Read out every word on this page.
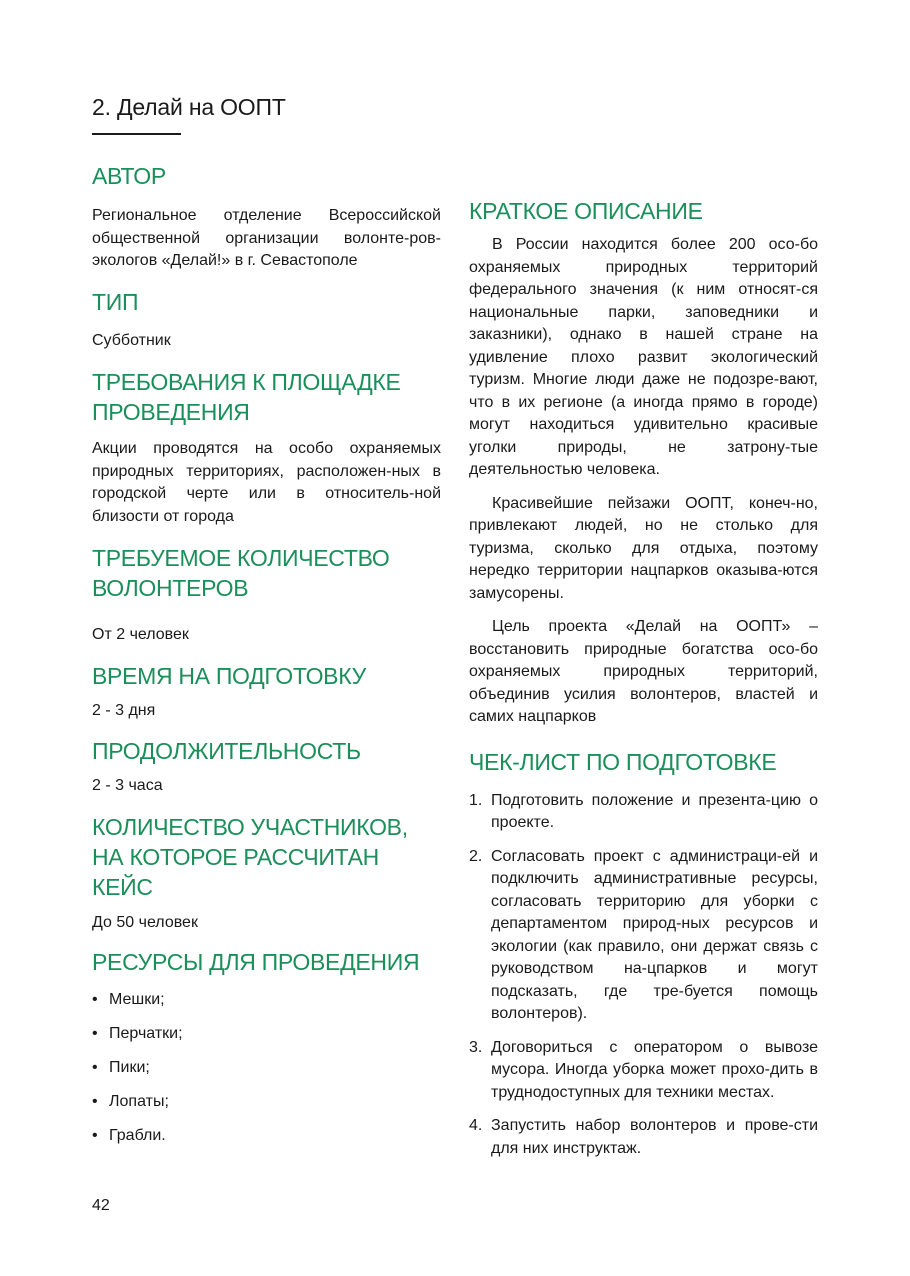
2. Делай на ООПТ
АВТОР

Региональное отделение Всероссийской общественной организации волонте-ров-экологов «Делай!» в г. Севастополе

ТИП

Субботник

ТРЕБОВАНИЯ К ПЛОЩАДКЕ ПРОВЕДЕНИЯ

Акции проводятся на особо охраняемых природных территориях, расположен-ных в городской черте или в относитель-ной близости от города

ТРЕБУЕМОЕ КОЛИЧЕСТВО ВОЛОНТЕРОВ

От 2 человек

ВРЕМЯ НА ПОДГОТОВКУ

2 - 3 дня

ПРОДОЛЖИТЕЛЬНОСТЬ

2 - 3 часа

КОЛИЧЕСТВО УЧАСТНИКОВ, НА КОТОРОЕ РАССЧИТАН КЕЙС

До 50 человек

РЕСУРСЫ ДЛЯ ПРОВЕДЕНИЯ
• Мешки;
• Перчатки;
• Пики;
• Лопаты;
• Грабли.
КРАТКОЕ ОПИСАНИЕ

В России находится более 200 осо-бо охраняемых природных территорий федерального значения (к ним относят-ся национальные парки, заповедники и заказники), однако в нашей стране на удивление плохо развит экологический туризм. Многие люди даже не подозре-вают, что в их регионе (а иногда прямо в городе) могут находиться удивительно красивые уголки природы, не затрону-тые деятельностью человека.

Красивейшие пейзажи ООПТ, конеч-но, привлекают людей, но не столько для туризма, сколько для отдыха, поэтому нередко территории нацпарков оказыва-ются замусорены.

Цель проекта «Делай на ООПТ» – восстановить природные богатства осо-бо охраняемых природных территорий, объединив усилия волонтеров, властей и самих нацпарков

ЧЕК-ЛИСТ ПО ПОДГОТОВКЕ
1. Подготовить положение и презента-цию о проекте.
2. Согласовать проект с администраци-ей и подключить административные ресурсы, согласовать территорию для уборки с департаментом природ-ных ресурсов и экологии (как правило, они держат связь с руководством на-цпарков и могут подсказать, где тре-буется помощь волонтеров).
3. Договориться с оператором о вывозе мусора. Иногда уборка может прохо-дить в труднодоступных для техники местах.
4. Запустить набор волонтеров и прове-сти для них инструктаж.
42
